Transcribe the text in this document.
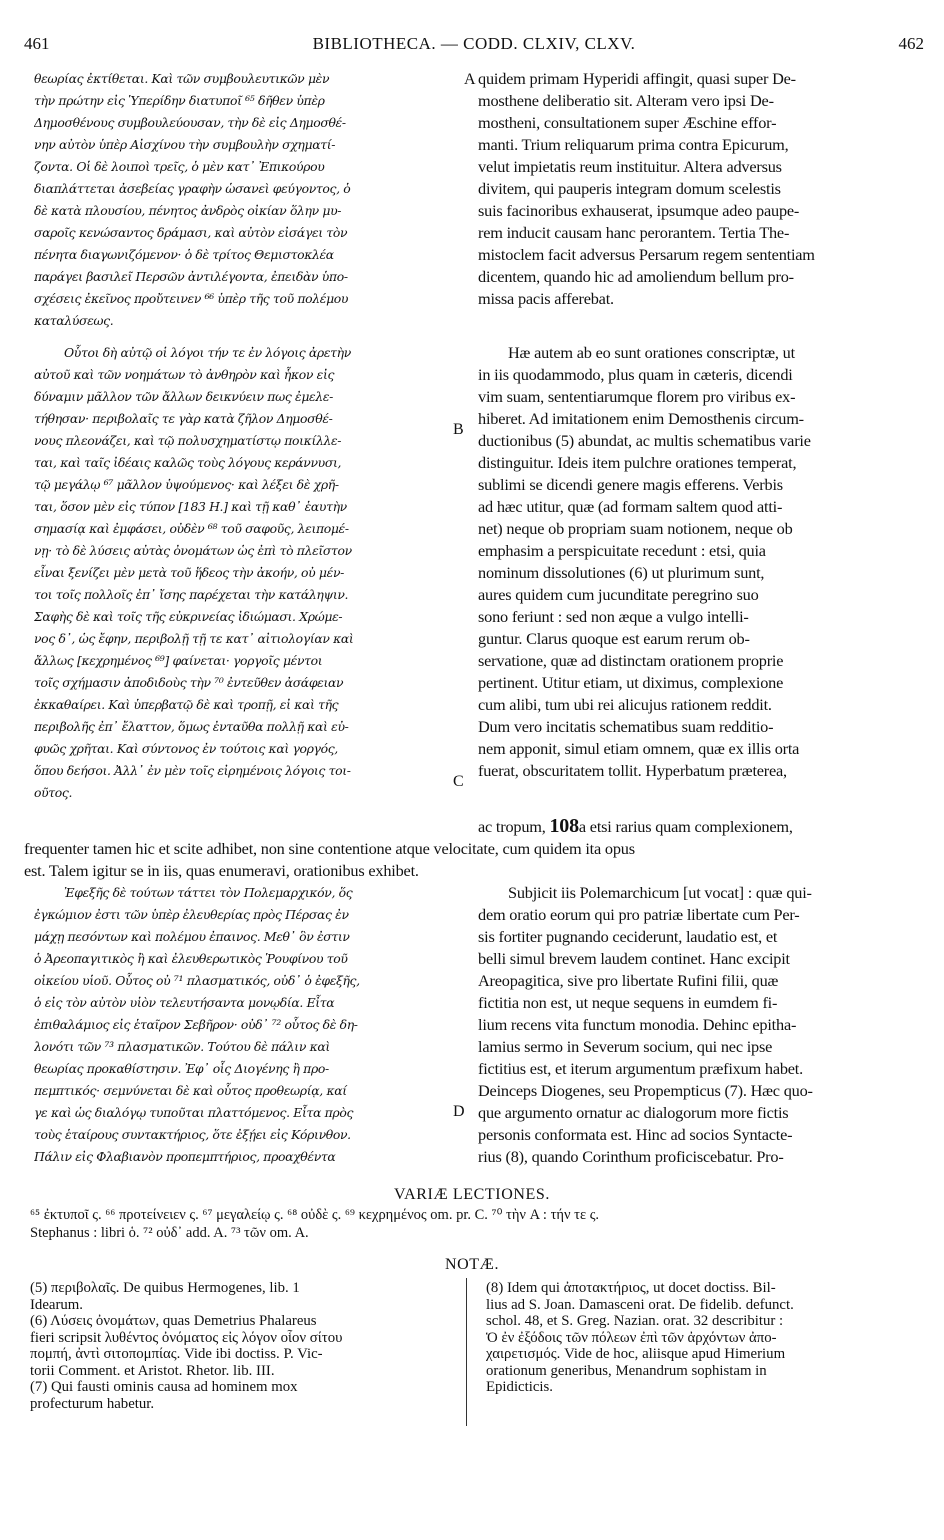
461	BIBLIOTHECA. — CODD. CLXIV, CLXV.	462
θεωρίας ἐκτίθεται. Καὶ τῶν συμβουλευτικῶν μὲν
τὴν πρώτην εἰς Ὑπερίδην διατυποῖ ⁶⁵ δῆθεν ὑπὲρ
Δημοσθένους συμβουλεύουσαν, τὴν δὲ εἰς Δημοσθέ-
νην αὐτὸν ὑπὲρ Αἰσχίνου τὴν συμβουλὴν σχηματί-
ζοντα. Οἱ δὲ λοιποὶ τρεῖς, ὁ μὲν κατ᾿ Ἐπικούρου
διαπλάττεται ἀσεβείας γραφὴν ὡσανεὶ φεύγοντος, ὁ
δὲ κατὰ πλουσίου, πένητος ἀνδρὸς οἰκίαν ὅλην μυ-
σαροῖς κενώσαντος δράμασι, καὶ αὐτὸν εἰσάγει τὸν
πένητα διαγωνιζόμενον· ὁ δὲ τρίτος Θεμιστοκλέα
παράγει βασιλεῖ Περσῶν ἀντιλέγοντα, ἐπειδὰν ὑπο-
σχέσεις ἐκεῖνος προὔτεινεν ⁶⁶ ὑπὲρ τῆς τοῦ πολέμου
καταλύσεως.
quidem primam Hyperidi affingit, quasi super De-
mosthene deliberatio sit. Alteram vero ipsi De-
mostheni, consultationem super Æschine effor-
manti. Trium reliquarum prima contra Epicurum,
velut impietatis reum instituitur. Altera adversus
divitem, qui pauperis integram domum scelestis
suis facinoribus exhauserat, ipsumque adeo paupe-
rem inducit causam hanc perorantem. Tertia The-
mistoclem facit adversus Persarum regem sententiam
dicentem, quando hic ad amoliendum bellum pro-
missa pacis afferebat.
Οὗτοι δὴ αὐτῷ οἱ λόγοι τήν τε ἐν λόγοις ἀρετὴν
αὐτοῦ καὶ τῶν νοημάτων τὸ ἀνθηρὸν καὶ ἧκον εἰς
δύναμιν μᾶλλον τῶν ἄλλων δεικνύειν πως ἐμελε-
τήθησαν· περιβολαῖς τε γὰρ κατὰ ζῆλον Δημοσθέ-
νους πλεονάζει, καὶ τῷ πολυσχηματίστῳ ποικίλλε-
ται, καὶ ταῖς ἰδέαις καλῶς τοὺς λόγους κεράννυσι,
τῷ μεγάλῳ ⁶⁷ μᾶλλον ὑψούμενος· καὶ λέξει δὲ χρῆ-
ται, ὅσον μὲν εἰς τύπον [183 Η.] καὶ τῇ καθ᾿ ἑαυτὴν
σημασίᾳ καὶ ἐμφάσει, οὐδὲν ⁶⁸ τοῦ σαφοῦς, λειπομέ-
νῃ· τὸ δὲ λύσεις αὐτὰς ὀνομάτων ὡς ἐπὶ τὸ πλεῖστον
εἶναι ξενίζει μὲν μετὰ τοῦ ἥδεος τὴν ἀκοήν, οὐ μέν-
τοι τοῖς πολλοῖς ἐπ᾿ ἴσης παρέχεται τὴν κατάληψιν.
Σαφὴς δὲ καὶ τοῖς τῆς εὐκρινείας ἰδιώμασι. Χρώμε-
νος δ᾿, ὡς ἔφην, περιβολῇ τῇ τε κατ᾿ αἰτιολογίαν καὶ
ἄλλως [κεχρημένος ⁶⁹] φαίνεται· γοργοῖς μέντοι
τοῖς σχήμασιν ἀποδιδοὺς τὴν ⁷⁰ ἐντεῦθεν ἀσάφειαν
ἐκκαθαίρει. Καὶ ὑπερβατῷ δὲ καὶ τροπῇ, εἰ καὶ τῆς
περιβολῆς ἐπ᾿ ἔλαττον, ὅμως ἐνταῦθα πολλῇ καὶ εὐ-
φυῶς χρῆται. Καὶ σύντονος ἐν τούτοις καὶ γοργός,
ὅπου δεήσοι. Ἀλλ᾿ ἐν μὲν τοῖς εἰρημένοις λόγοις τοι-
οῦτος.
Hæ autem ab eo sunt orationes conscriptæ, ut
in iis quodammodo, plus quam in cæteris, dicendi
vim suam, sententiarumque florem pro viribus ex-
hiberet. Ad imitationem enim Demosthenis circum-
ductionibus (5) abundat, ac multis schematibus varie
distinguitur. Ideis item pulchre orationes temperat,
sublimi se dicendi genere magis efferens. Verbis
ad hæc utitur, quæ (ad formam saltem quod atti-
net) neque ob propriam suam notionem, neque ob
emphasim a perspicuitate recedunt : etsi, quia
nominum dissolutiones (6) ut plurimum sunt,
aures quidem cum jucunditate peregrino suo
sono feriunt : sed non æque a vulgo intelli-
guntur. Clarus quoque est earum rerum ob-
servatione, quæ ad distinctam orationem proprie
pertinent. Utitur etiam, ut diximus, complexione
cum alibi, tum ubi rei alicujus rationem reddit.
Dum vero incitatis schematibus suam redditio-
nem apponit, simul etiam omnem, quæ ex illis orta
fuerat, obscuritatem tollit. Hyperbatum præterea,
frequenter tamen hic et scite adhibet, non sine contentione atque velocitate, cum quidem ita opus
est. Talem igitur se in iis, quas enumeravi, orationibus exhibet.
Ἐφεξῆς δὲ τούτων τάττει τὸν Πολεμαρχικόν, ὅς
ἐγκώμιον ἐστι τῶν ὑπὲρ ἐλευθερίας πρὸς Πέρσας ἐν
μάχῃ πεσόντων καὶ πολέμου ἐπαινος. Μεθ᾿ ὃν ἐστιν
ὁ Ἀρεοπαγιτικὸς ἢ καὶ ἐλευθερωτικὸς Ῥουφίνου τοῦ
οἰκείου υἱοῦ. Οὗτος οὐ ⁷¹ πλασματικός, οὐδ᾿ ὁ ἐφεξῆς,
ὁ εἰς τὸν αὐτὸν υἱὸν τελευτήσαντα μονῳδία. Εἶτα
ἐπιθαλάμιος εἰς ἑταῖρον Σεβῆρον· οὐδ᾿ ⁷² οὗτος δὲ δη-
λονότι τῶν ⁷³ πλασματικῶν. Τούτου δὲ πάλιν καὶ
θεωρίας προκαθίστησιν. Ἐφ᾿ οἷς Διογένης ἢ προ-
πεμπτικός· σεμνύνεται δὲ καὶ οὗτος προθεωρίᾳ, καί
γε καὶ ὡς διαλόγῳ τυποῦται πλαττόμενος. Εἶτα πρὸς
τοὺς ἑταίρους συντακτήριος, ὅτε ἐξῄει εἰς Κόρινθον.
Πάλιν εἰς Φλαβιανὸν προπεμπτήριος, προαχθέντα
Subjicit iis Polemarchicum [ut vocat] : quæ qui-
dem oratio eorum qui pro patriæ libertate cum Per-
sis fortiter pugnando ceciderunt, laudatio est, et
belli simul brevem laudem continet. Hanc excipit
Areopagitica, sive pro libertate Rufini filii, quæ
fictitia non est, ut neque sequens in eumdem fi-
lium recens vita functum monodia. Dehinc epitha-
lamius sermo in Severum socium, qui nec ipse
fictitius est, et iterum argumentum præfixum habet.
Deinceps Diogenes, seu Propempticus (7). Hæc quo-
que argumento ornatur ac dialogorum more fictis
personis conformata est. Hinc ad socios Syntacte-
rius (8), quando Corinthum proficiscebatur. Pro-
A
B
C
D
ac tropum, 108a etsi rarius quam complexionem,
VARIÆ LECTIONES.
⁶⁵ ἐκτυποῖ ς. ⁶⁶ προτείνειεν ς. ⁶⁷ μεγαλείῳ ς. ⁶⁸ οὐδὲ ς. ⁶⁹ κεχρημένος om. pr. C. ⁷⁰ τὴν A : τήν τε ς.
Stephanus : libri ὁ. ⁷² οὐδ᾿ add. A. ⁷³ τῶν om. A.
NOTÆ.
(5) περιβολαῖς. De quibus Hermogenes, lib. 1
Idearum.
(6) Λύσεις ὀνομάτων, quas Demetrius Phalareus
fieri scripsit λυθέντος ὀνόματος εἰς λόγον οἷον σίτου
πομπή, ἀντὶ σιτοπομπίας. Vide ibi doctiss. P. Vic-
torii Comment. et Aristot. Rhetor. lib. III.
(7) Qui fausti ominis causa ad hominem mox
profecturum habetur.
(8) Idem qui ἀποτακτήριος, ut docet doctiss. Bil-
lius ad S. Joan. Damasceni orat. De fidelib. defunct.
schol. 48, et S. Greg. Nazian. orat. 32 describitur :
Ὁ ἐν ἐξόδοις τῶν πόλεων ἐπὶ τῶν ἀρχόντων ἀπο-
χαιρετισμός. Vide de hoc, aliisque apud Himerium
orationum generibus, Menandrum sophistam in
Epidicticis.
